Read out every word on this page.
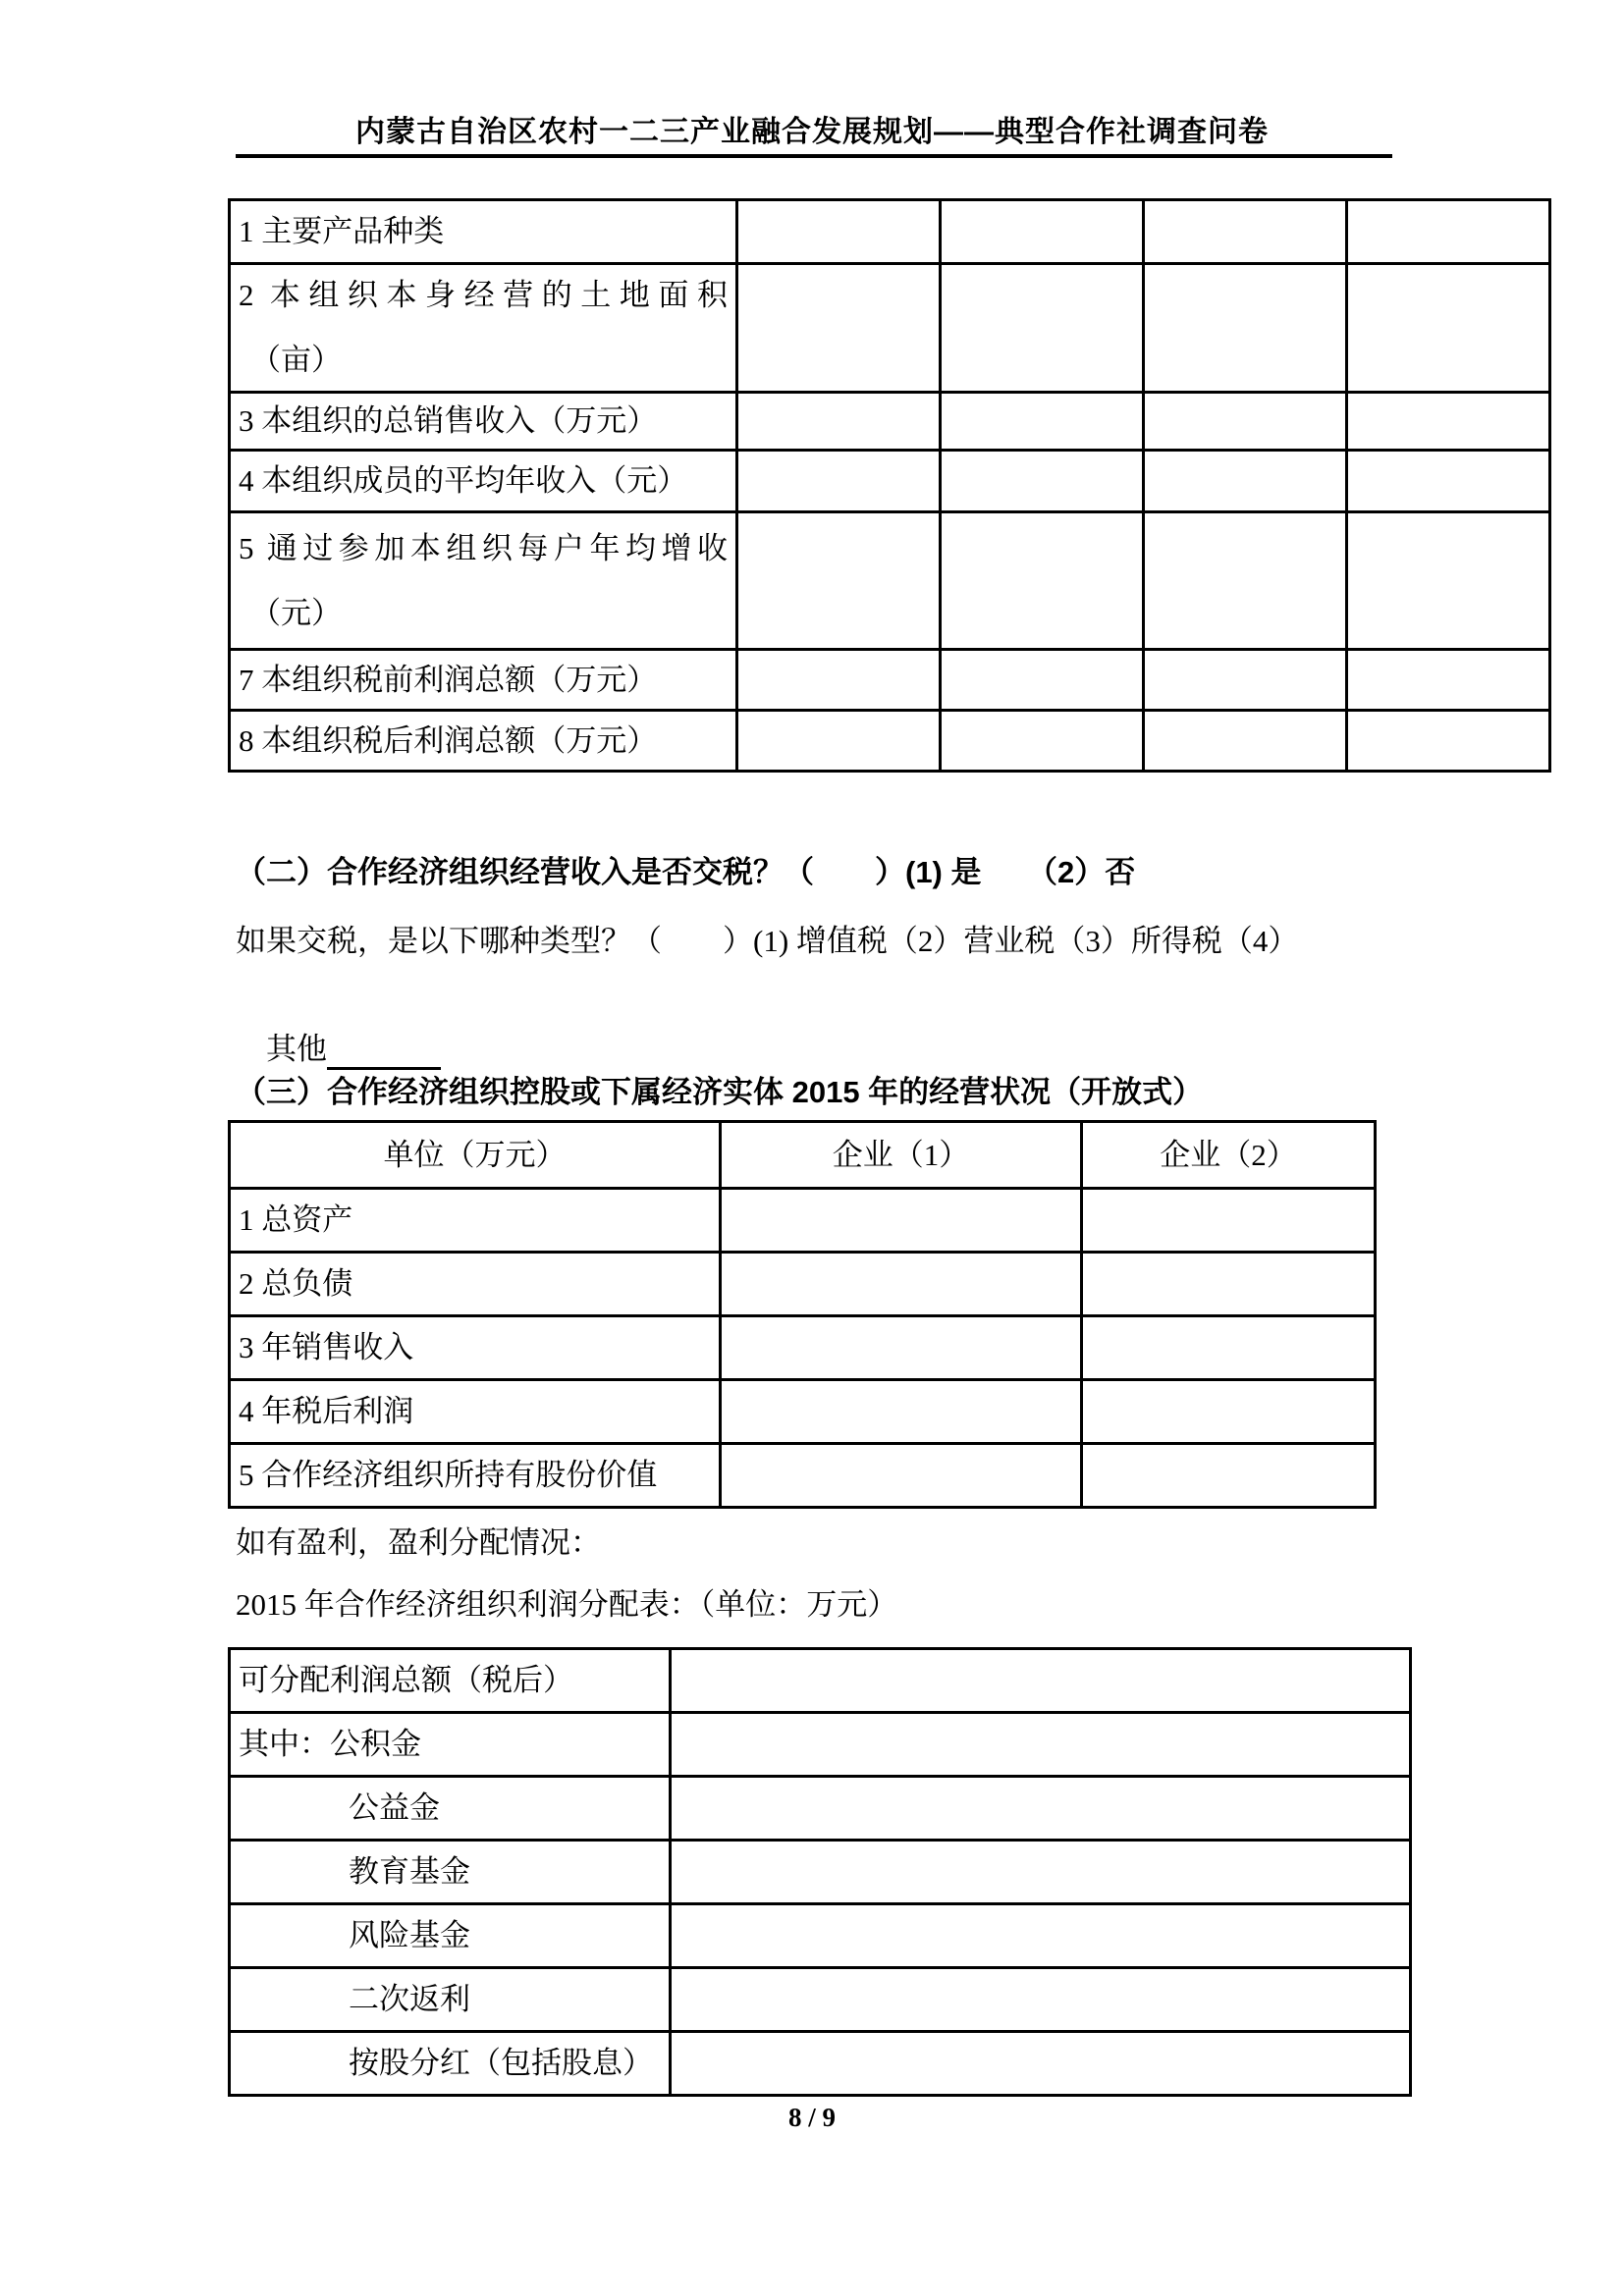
内蒙古自治区农村一二三产业融合发展规划——典型合作社调查问卷
1 主要产品种类				

2 本组织本身经营的土地面积
（亩）				

3 本组织的总销售收入（万元）				
4 本组织成员的平均年收入（元）				

5 通过参加本组织每户年均增收
（元）				

7 本组织税前利润总额（万元）				
8 本组织税后利润总额（万元）				
（二）合作经济组织经营收入是否交税？（　　）(1) 是　　（2）否
如果交税，是以下哪种类型？（　　）(1) 增值税（2）营业税（3）所得税（4）

其他

（三）合作经济组织控股或下属经济实体 2015 年的经营状况（开放式）
单位（万元）	企业（1）	企业（2）
1 总资产		
2 总负债		
3 年销售收入		
4 年税后利润		
5 合作经济组织所持有股份价值		
如有盈利，盈利分配情况：
2015 年合作经济组织利润分配表：（单位：万元）
可分配利润总额（税后）	
其中：公积金	
公益金	
教育基金	
风险基金	
二次返利	
按股分红（包括股息）	
8 / 9
